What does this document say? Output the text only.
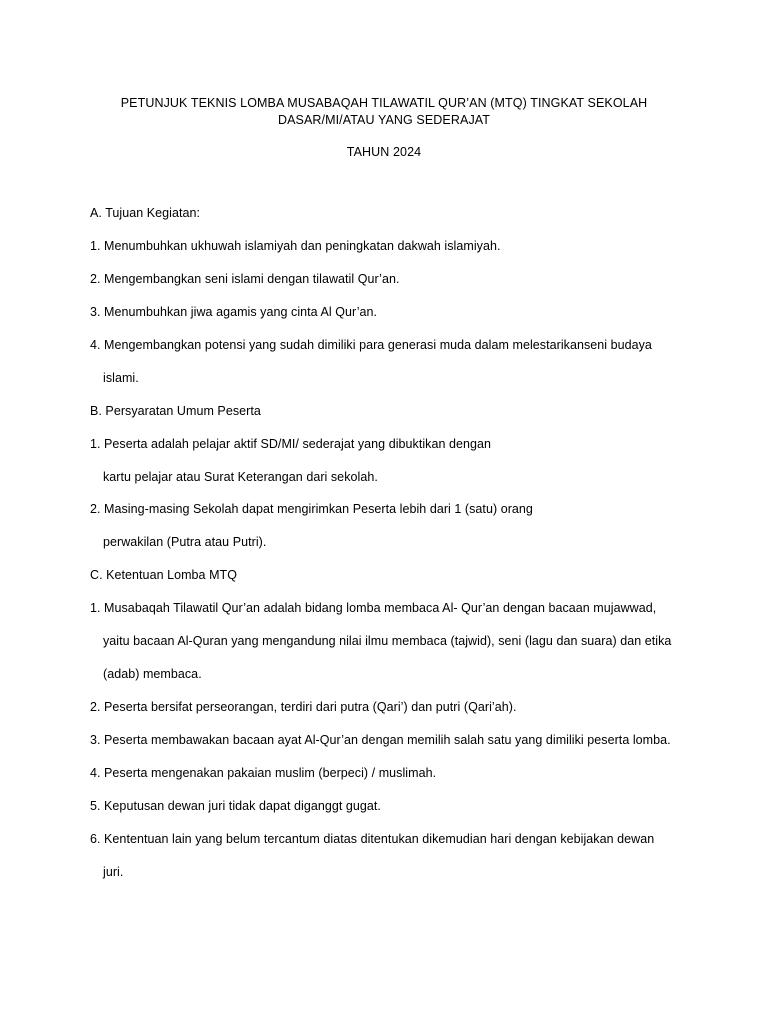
PETUNJUK TEKNIS LOMBA MUSABAQAH TILAWATIL QUR’AN (MTQ) TINGKAT SEKOLAH
DASAR/MI/ATAU YANG SEDERAJAT
TAHUN 2024
A. Tujuan Kegiatan:
1. Menumbuhkan ukhuwah islamiyah dan peningkatan dakwah islamiyah.
2. Mengembangkan seni islami dengan tilawatil Qur’an.
3. Menumbuhkan jiwa agamis yang cinta Al Qur’an.
4. Mengembangkan potensi yang sudah dimiliki para generasi muda dalam melestarikanseni budaya
islami.
B. Persyaratan Umum Peserta
1. Peserta adalah pelajar aktif SD/MI/ sederajat yang dibuktikan dengan
kartu pelajar atau Surat Keterangan dari sekolah.
2. Masing-masing Sekolah dapat mengirimkan Peserta lebih dari 1 (satu) orang
perwakilan (Putra atau Putri).
C. Ketentuan Lomba MTQ
1. Musabaqah Tilawatil Qur’an adalah bidang lomba membaca Al- Qur’an dengan bacaan mujawwad,
yaitu bacaan Al-Quran yang mengandung nilai ilmu membaca (tajwid), seni (lagu dan suara) dan etika
(adab) membaca.
2. Peserta bersifat perseorangan, terdiri dari putra (Qari’) dan putri (Qari’ah).
3. Peserta membawakan bacaan ayat Al-Qur’an dengan memilih salah satu yang dimiliki peserta lomba.
4. Peserta mengenakan pakaian muslim (berpeci) / muslimah.
5. Keputusan dewan juri tidak dapat diganggt gugat.
6. Kententuan lain yang belum tercantum diatas ditentukan dikemudian hari dengan kebijakan dewan
juri.
